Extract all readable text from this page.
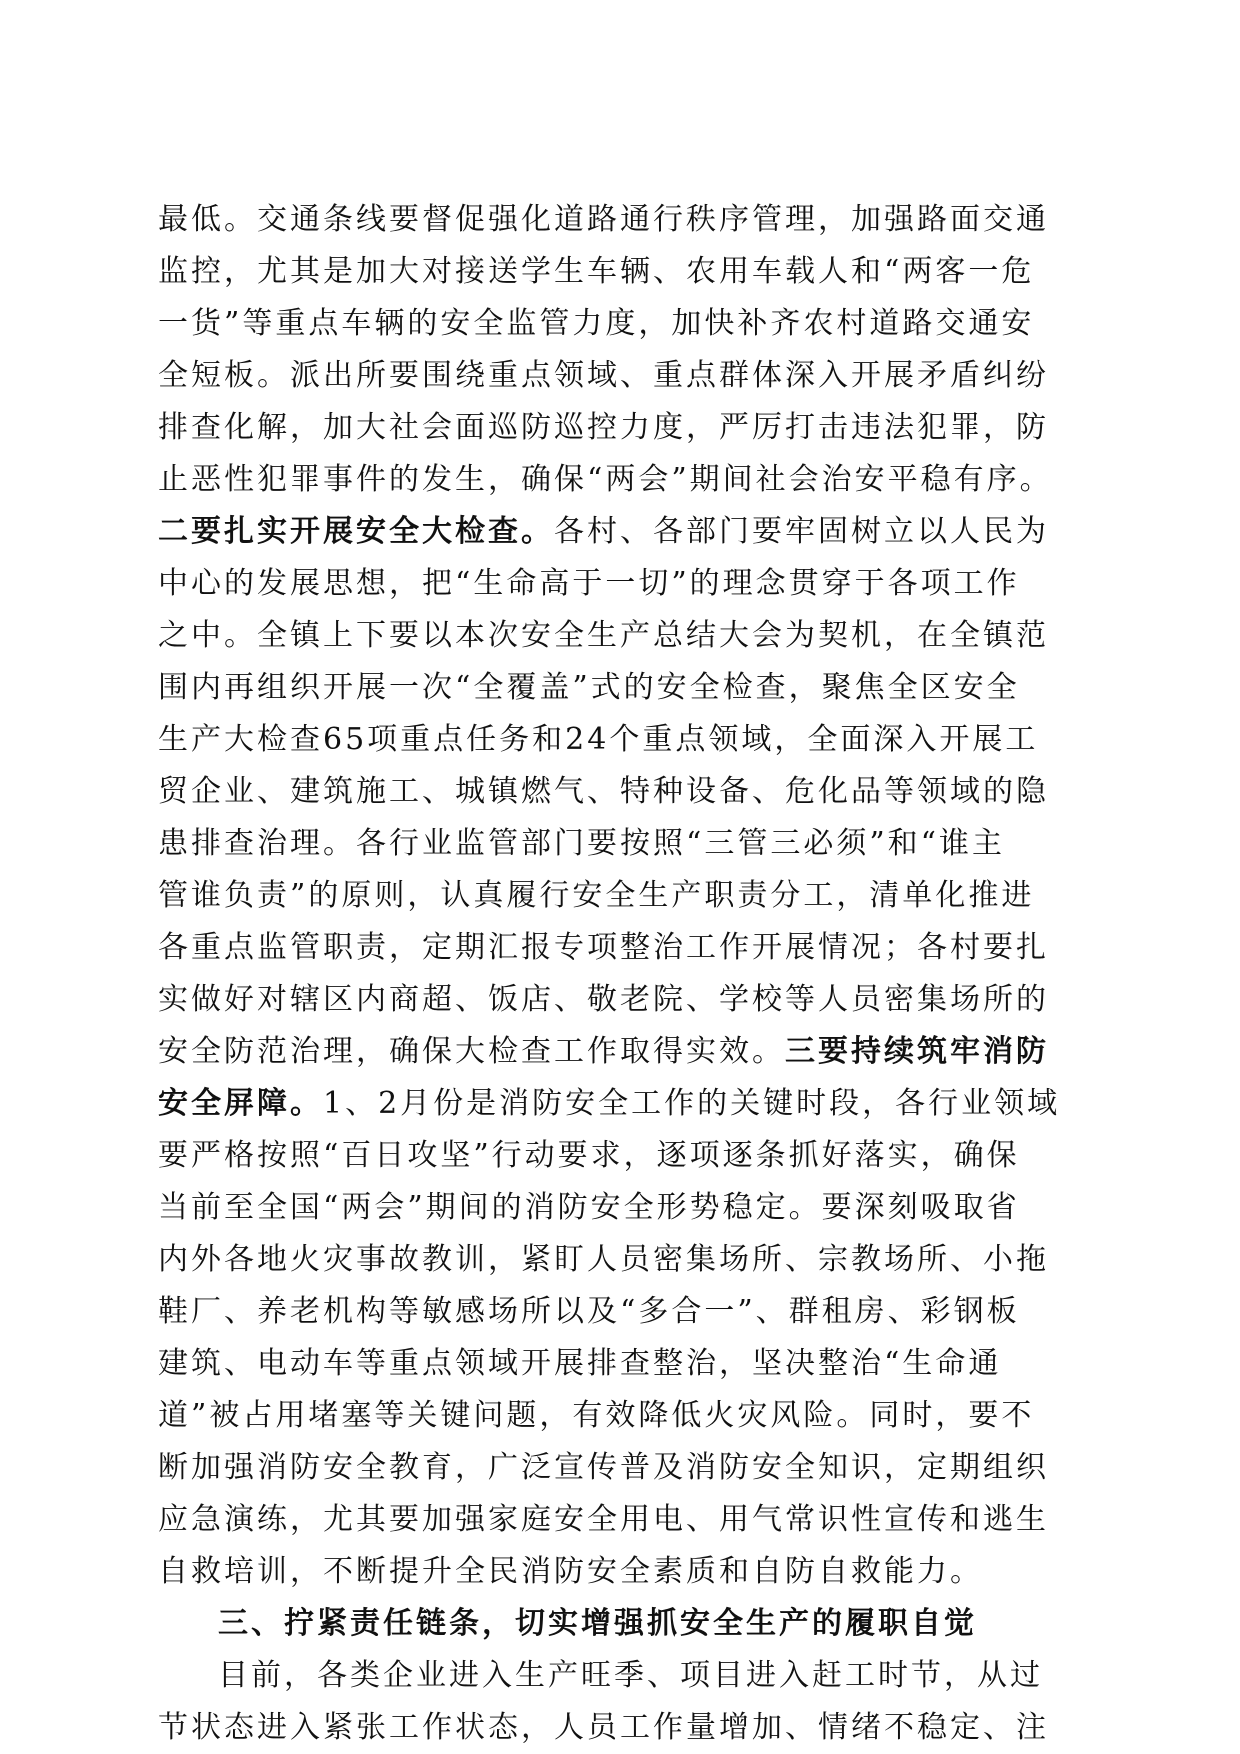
最低。交通条线要督促强化道路通行秩序管理，加强路面交通
监控，尤其是加大对接送学生车辆、农用车载人和“两客一危
一货”等重点车辆的安全监管力度，加快补齐农村道路交通安
全短板。派出所要围绕重点领域、重点群体深入开展矛盾纠纷
排查化解，加大社会面巡防巡控力度，严厉打击违法犯罪，防
止恶性犯罪事件的发生，确保“两会”期间社会治安平稳有序。
二要扎实开展安全大检查。各村、各部门要牢固树立以人民为
中心的发展思想，把“生命高于一切”的理念贯穿于各项工作
之中。全镇上下要以本次安全生产总结大会为契机，在全镇范
围内再组织开展一次“全覆盖”式的安全检查，聚焦全区安全
生产大检查65项重点任务和24个重点领域，全面深入开展工
贸企业、建筑施工、城镇燃气、特种设备、危化品等领域的隐
患排查治理。各行业监管部门要按照“三管三必须”和“谁主
管谁负责”的原则，认真履行安全生产职责分工，清单化推进
各重点监管职责，定期汇报专项整治工作开展情况；各村要扎
实做好对辖区内商超、饭店、敬老院、学校等人员密集场所的
安全防范治理，确保大检查工作取得实效。三要持续筑牢消防
安全屏障。1、2月份是消防安全工作的关键时段，各行业领域
要严格按照“百日攻坚”行动要求，逐项逐条抓好落实，确保
当前至全国“两会”期间的消防安全形势稳定。要深刻吸取省
内外各地火灾事故教训，紧盯人员密集场所、宗教场所、小拖
鞋厂、养老机构等敏感场所以及“多合一”、群租房、彩钢板
建筑、电动车等重点领域开展排查整治，坚决整治“生命通
道”被占用堵塞等关键问题，有效降低火灾风险。同时，要不
断加强消防安全教育，广泛宣传普及消防安全知识，定期组织
应急演练，尤其要加强家庭安全用电、用气常识性宣传和逃生
自救培训，不断提升全民消防安全素质和自防自救能力。
三、拧紧责任链条，切实增强抓安全生产的履职自觉
目前，各类企业进入生产旺季、项目进入赶工时节，从过
节状态进入紧张工作状态，人员工作量增加、情绪不稳定、注
